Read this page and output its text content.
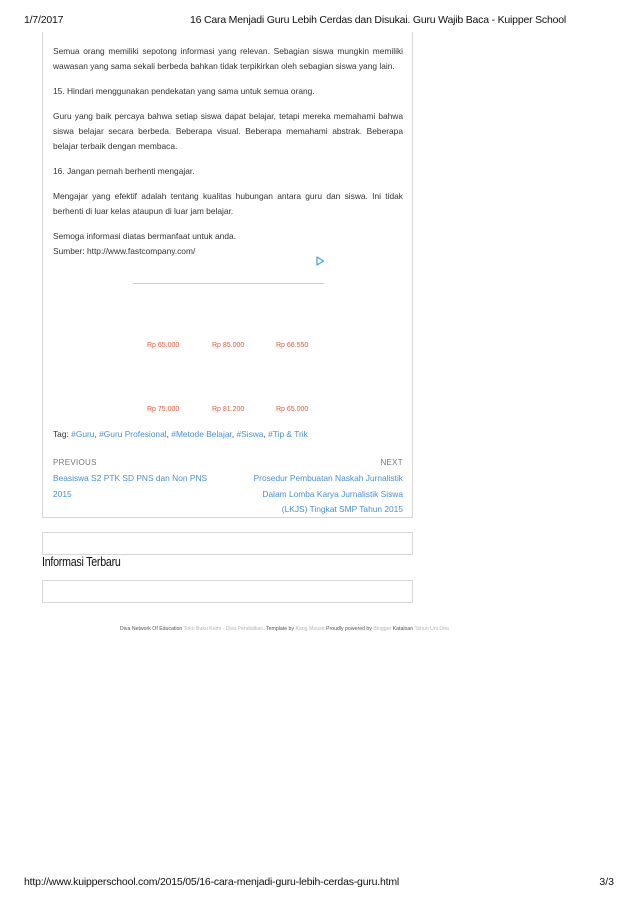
1/7/2017	16 Cara Menjadi Guru Lebih Cerdas dan Disukai. Guru Wajib Baca - Kuipper School

Semua orang memiliki sepotong informasi yang relevan. Sebagian siswa mungkin memiliki wawasan yang sama sekali berbeda bahkan tidak terpikirkan oleh sebagian siswa yang lain.

15. Hindari menggunakan pendekatan yang sama untuk semua orang.

Guru yang baik percaya bahwa setiap siswa dapat belajar, tetapi mereka memahami bahwa siswa belajar secara berbeda. Beberapa visual. Beberapa memahami abstrak. Beberapa belajar terbaik dengan membaca.

16. Jangan pernah berhenti mengajar.

Mengajar yang efektif adalah tentang kualitas hubungan antara guru dan siswa. Ini tidak berhenti di luar kelas ataupun di luar jam belajar.

Semoga informasi diatas bermanfaat untuk anda.

Sumber: http://www.fastcompany.com/

Rp 65.000	Rp 85.000	Rp 66.550
Rp 75.000	Rp 81.200	Rp 65.000
Tag: #Guru, #Guru Profesional, #Metode Belajar, #Siswa, #Tip & Trik
PREVIOUS
Beasiswa S2 PTK SD PNS dan Non PNS
2015
NEXT
Prosedur Pembuatan Naskah Jurnalistik
Dalam Lomba Karya Jurnalistik Siswa
(LKJS) Tingkat SMP Tahun 2015
Informasi Terbaru
Diva Network Of Education Toko Buku Kami - Diva Pendidikan. Template by Kang Mousir Proudly powered by Blogger Kataloan Tahun Uni Dea
http://www.kuipperschool.com/2015/05/16-cara-menjadi-guru-lebih-cerdas-guru.html	3/3
